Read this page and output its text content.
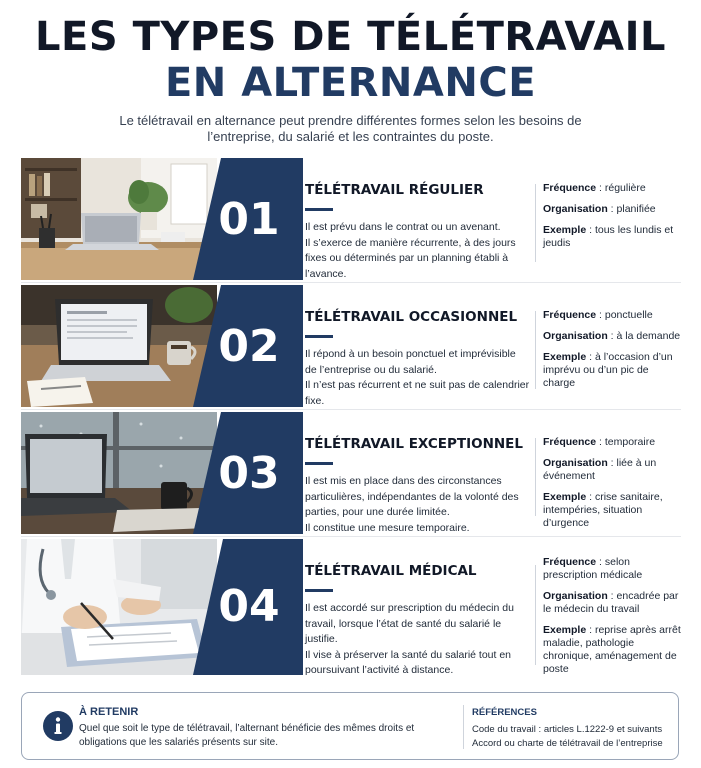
LES TYPES DE TÉLÉTRAVAIL
EN ALTERNANCE
Le télétravail en alternance peut prendre différentes formes selon les besoins de l’entreprise, du salarié et les contraintes du poste.
01
TÉLÉTRAVAIL RÉGULIER

Il est prévu dans le contrat ou un avenant.

Il s’exerce de manière récurrente, à des jours fixes ou déterminés par un planning établi à l’avance.

Fréquence : régulière
Organisation : planifiée
Exemple : tous les lundis et jeudis
02
TÉLÉTRAVAIL OCCASIONNEL

Il répond à un besoin ponctuel et imprévisible de l’entreprise ou du salarié.

Il n’est pas récurrent et ne suit pas de calendrier fixe.

Fréquence : ponctuelle
Organisation : à la demande
Exemple : à l’occasion d’un imprévu ou d’un pic de charge
03
TÉLÉTRAVAIL EXCEPTIONNEL

Il est mis en place dans des circonstances particulières, indépendantes de la volonté des parties, pour une durée limitée.

Il constitue une mesure temporaire.

Fréquence : temporaire
Organisation : liée à un événement
Exemple : crise sanitaire, intempéries, situation d’urgence
04
TÉLÉTRAVAIL MÉDICAL

Il est accordé sur prescription du médecin du travail, lorsque l’état de santé du salarié le justifie.

Il vise à préserver la santé du salarié tout en poursuivant l’activité à distance.

Fréquence : selon prescription médicale
Organisation : encadrée par le médecin du travail
Exemple : reprise après arrêt maladie, pathologie chronique, aménagement de poste
À RETENIR
Quel que soit le type de télétravail, l’alternant bénéficie des mêmes droits et obligations que les salariés présents sur site.
RÉFÉRENCES
Code du travail : articles L.1222-9 et suivants
Accord ou charte de télétravail de l’entreprise
